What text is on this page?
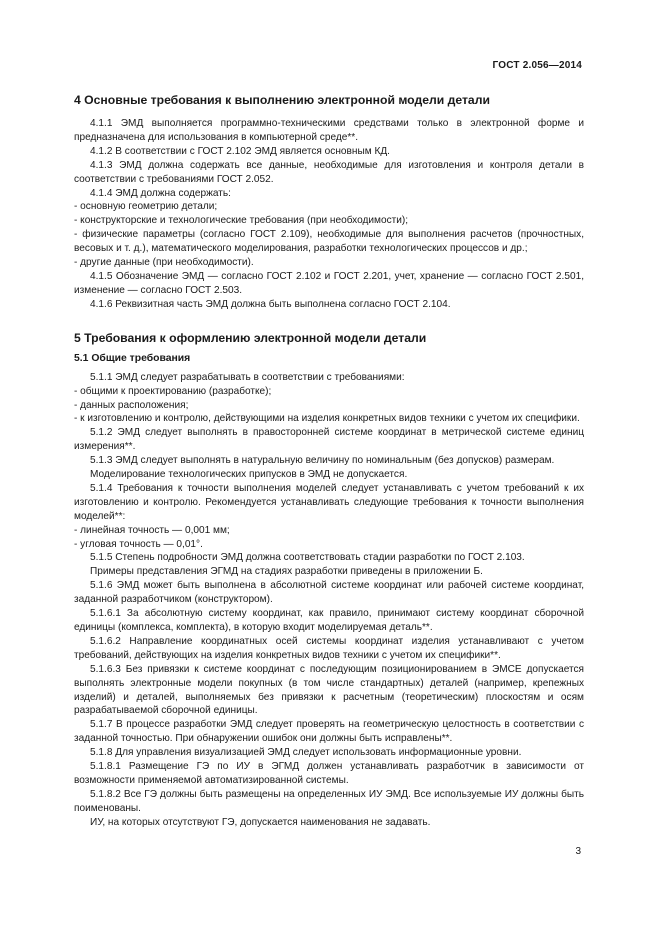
ГОСТ 2.056—2014
4 Основные требования к выполнению электронной модели детали

4.1.1 ЭМД выполняется программно-техническими средствами только в электронной форме и предназначена для использования в компьютерной среде**.

4.1.2 В соответствии с ГОСТ 2.102 ЭМД является основным КД.

4.1.3 ЭМД должна содержать все данные, необходимые для изготовления и контроля детали в соответствии с требованиями ГОСТ 2.052.

4.1.4 ЭМД должна содержать:

- основную геометрию детали;

- конструкторские и технологические требования (при необходимости);

- физические параметры (согласно ГОСТ 2.109), необходимые для выполнения расчетов (прочностных, весовых и т. д.), математического моделирования, разработки технологических процессов и др.;

- другие данные (при необходимости).

4.1.5 Обозначение ЭМД — согласно ГОСТ 2.102 и ГОСТ 2.201, учет, хранение — согласно ГОСТ 2.501, изменение — согласно ГОСТ 2.503.

4.1.6 Реквизитная часть ЭМД должна быть выполнена согласно ГОСТ 2.104.

5 Требования к оформлению электронной модели детали
5.1 Общие требования

5.1.1 ЭМД следует разрабатывать в соответствии с требованиями:

- общими к проектированию (разработке);

- данных расположения;

- к изготовлению и контролю, действующими на изделия конкретных видов техники с учетом их специфики.

5.1.2 ЭМД следует выполнять в правосторонней системе координат в метрической системе единиц измерения**.

5.1.3 ЭМД следует выполнять в натуральную величину по номинальным (без допусков) размерам.

Моделирование технологических припусков в ЭМД не допускается.

5.1.4 Требования к точности выполнения моделей следует устанавливать с учетом требований к их изготовлению и контролю. Рекомендуется устанавливать следующие требования к точности выполнения моделей**:

- линейная точность — 0,001 мм;

- угловая точность — 0,01°.

5.1.5 Степень подробности ЭМД должна соответствовать стадии разработки по ГОСТ 2.103.

Примеры представления ЭГМД на стадиях разработки приведены в приложении Б.

5.1.6 ЭМД может быть выполнена в абсолютной системе координат или рабочей системе координат, заданной разработчиком (конструктором).

5.1.6.1 За абсолютную систему координат, как правило, принимают систему координат сборочной единицы (комплекса, комплекта), в которую входит моделируемая деталь**.

5.1.6.2 Направление координатных осей системы координат изделия устанавливают с учетом требований, действующих на изделия конкретных видов техники с учетом их специфики**.

5.1.6.3 Без привязки к системе координат с последующим позиционированием в ЭМСЕ допускается выполнять электронные модели покупных (в том числе стандартных) деталей (например, крепежных изделий) и деталей, выполняемых без привязки к расчетным (теоретическим) плоскостям и осям разрабатываемой сборочной единицы.

5.1.7 В процессе разработки ЭМД следует проверять на геометрическую целостность в соответствии с заданной точностью. При обнаружении ошибок они должны быть исправлены**.

5.1.8 Для управления визуализацией ЭМД следует использовать информационные уровни.

5.1.8.1 Размещение ГЭ по ИУ в ЭГМД должен устанавливать разработчик в зависимости от возможности применяемой автоматизированной системы.

5.1.8.2 Все ГЭ должны быть размещены на определенных ИУ ЭМД. Все используемые ИУ должны быть поименованы.

ИУ, на которых отсутствуют ГЭ, допускается наименования не задавать.

3
